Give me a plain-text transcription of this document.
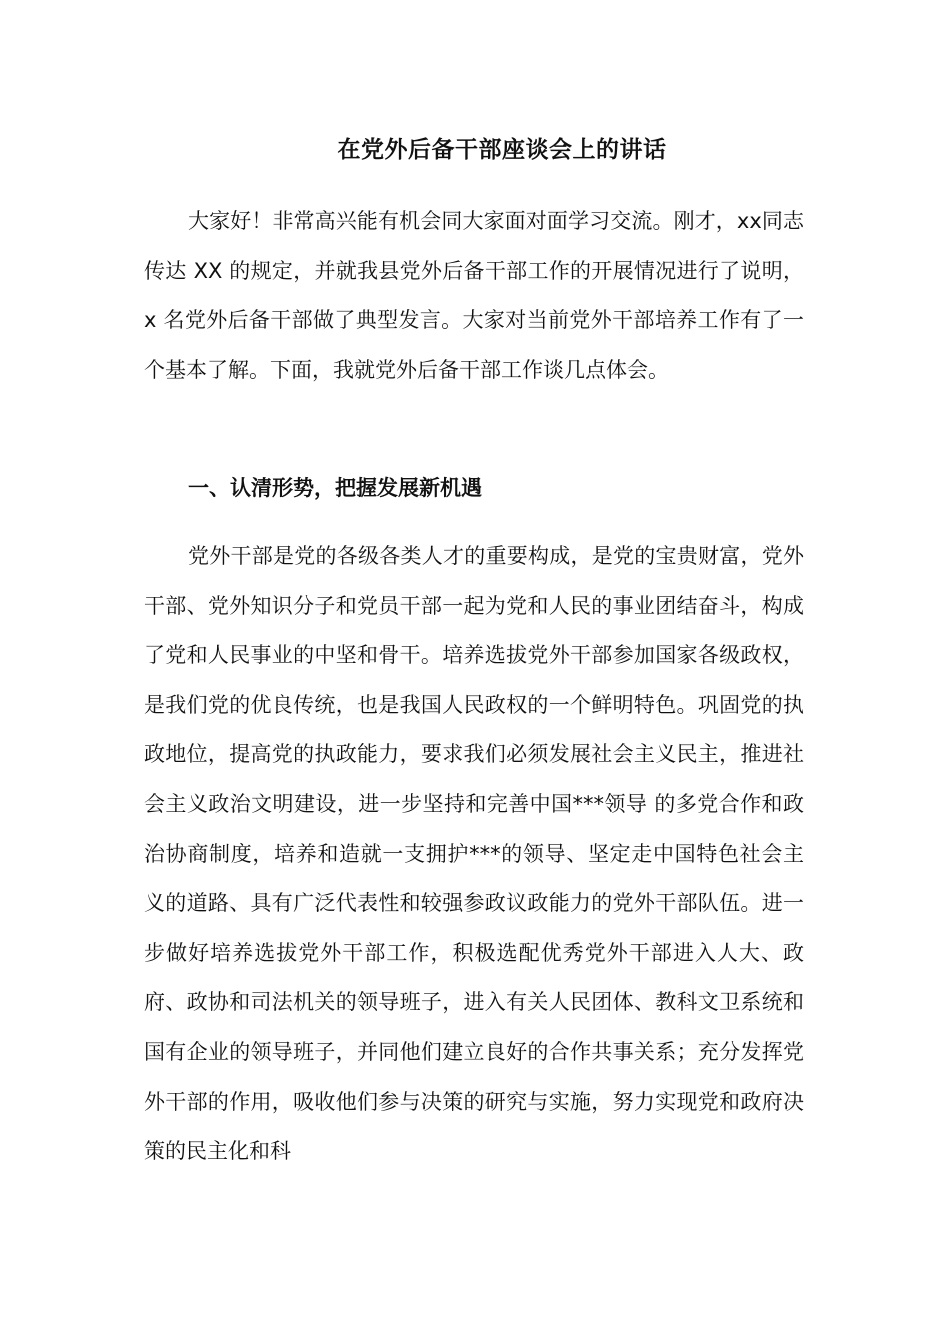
在党外后备干部座谈会上的讲话

大家好！非常高兴能有机会同大家面对面学习交流。刚才，xx同志传达 XX 的规定，并就我县党外后备干部工作的开展情况进行了说明，x 名党外后备干部做了典型发言。大家对当前党外干部培养工作有了一个基本了解。下面，我就党外后备干部工作谈几点体会。

一、认清形势，把握发展新机遇

党外干部是党的各级各类人才的重要构成，是党的宝贵财富，党外干部、党外知识分子和党员干部一起为党和人民的事业团结奋斗，构成了党和人民事业的中坚和骨干。培养选拔党外干部参加国家各级政权，是我们党的优良传统，也是我国人民政权的一个鲜明特色。巩固党的执政地位，提高党的执政能力，要求我们必须发展社会主义民主，推进社会主义政治文明建设，进一步坚持和完善中国***领导 的多党合作和政治协商制度，培养和造就一支拥护***的领导、坚定走中国特色社会主义的道路、具有广泛代表性和较强参政议政能力的党外干部队伍。进一步做好培养选拔党外干部工作，积极选配优秀党外干部进入人大、政府、政协和司法机关的领导班子，进入有关人民团体、教科文卫系统和国有企业的领导班子，并同他们建立良好的合作共事关系；充分发挥党外干部的作用，吸收他们参与决策的研究与实施，努力实现党和政府决策的民主化和科
